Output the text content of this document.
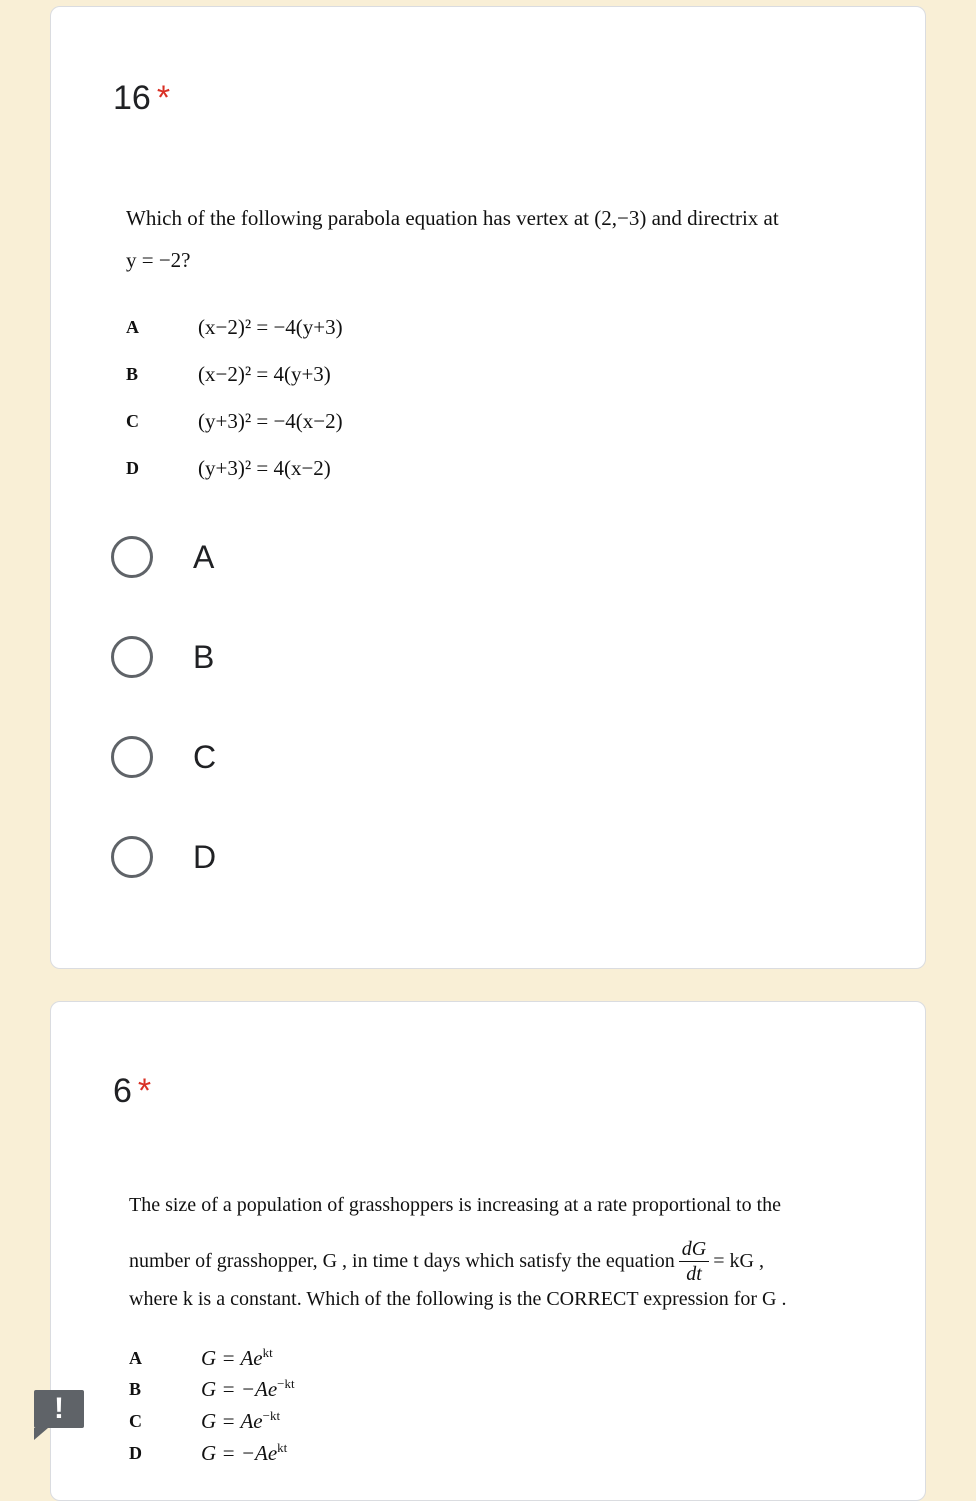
16 *
Which of the following parabola equation has vertex at (2,−3) and directrix at
y = −2?
A	(x−2)² = −4(y+3)
B	(x−2)² = 4(y+3)
C	(y+3)² = −4(x−2)
D	(y+3)² = 4(x−2)
A
B
C
D
6 *
The size of a population of grasshoppers is increasing at a rate proportional to the
number of grasshopper, G , in time t days which satisfy the equation $\frac{dG}{dt}$ = kG ,
where k is a constant. Which of the following is the CORRECT expression for G .
A	$G = Ae^{kt}$
B	$G = -Ae^{-kt}$
C	$G = Ae^{-kt}$
D	$G = -Ae^{kt}$
!
